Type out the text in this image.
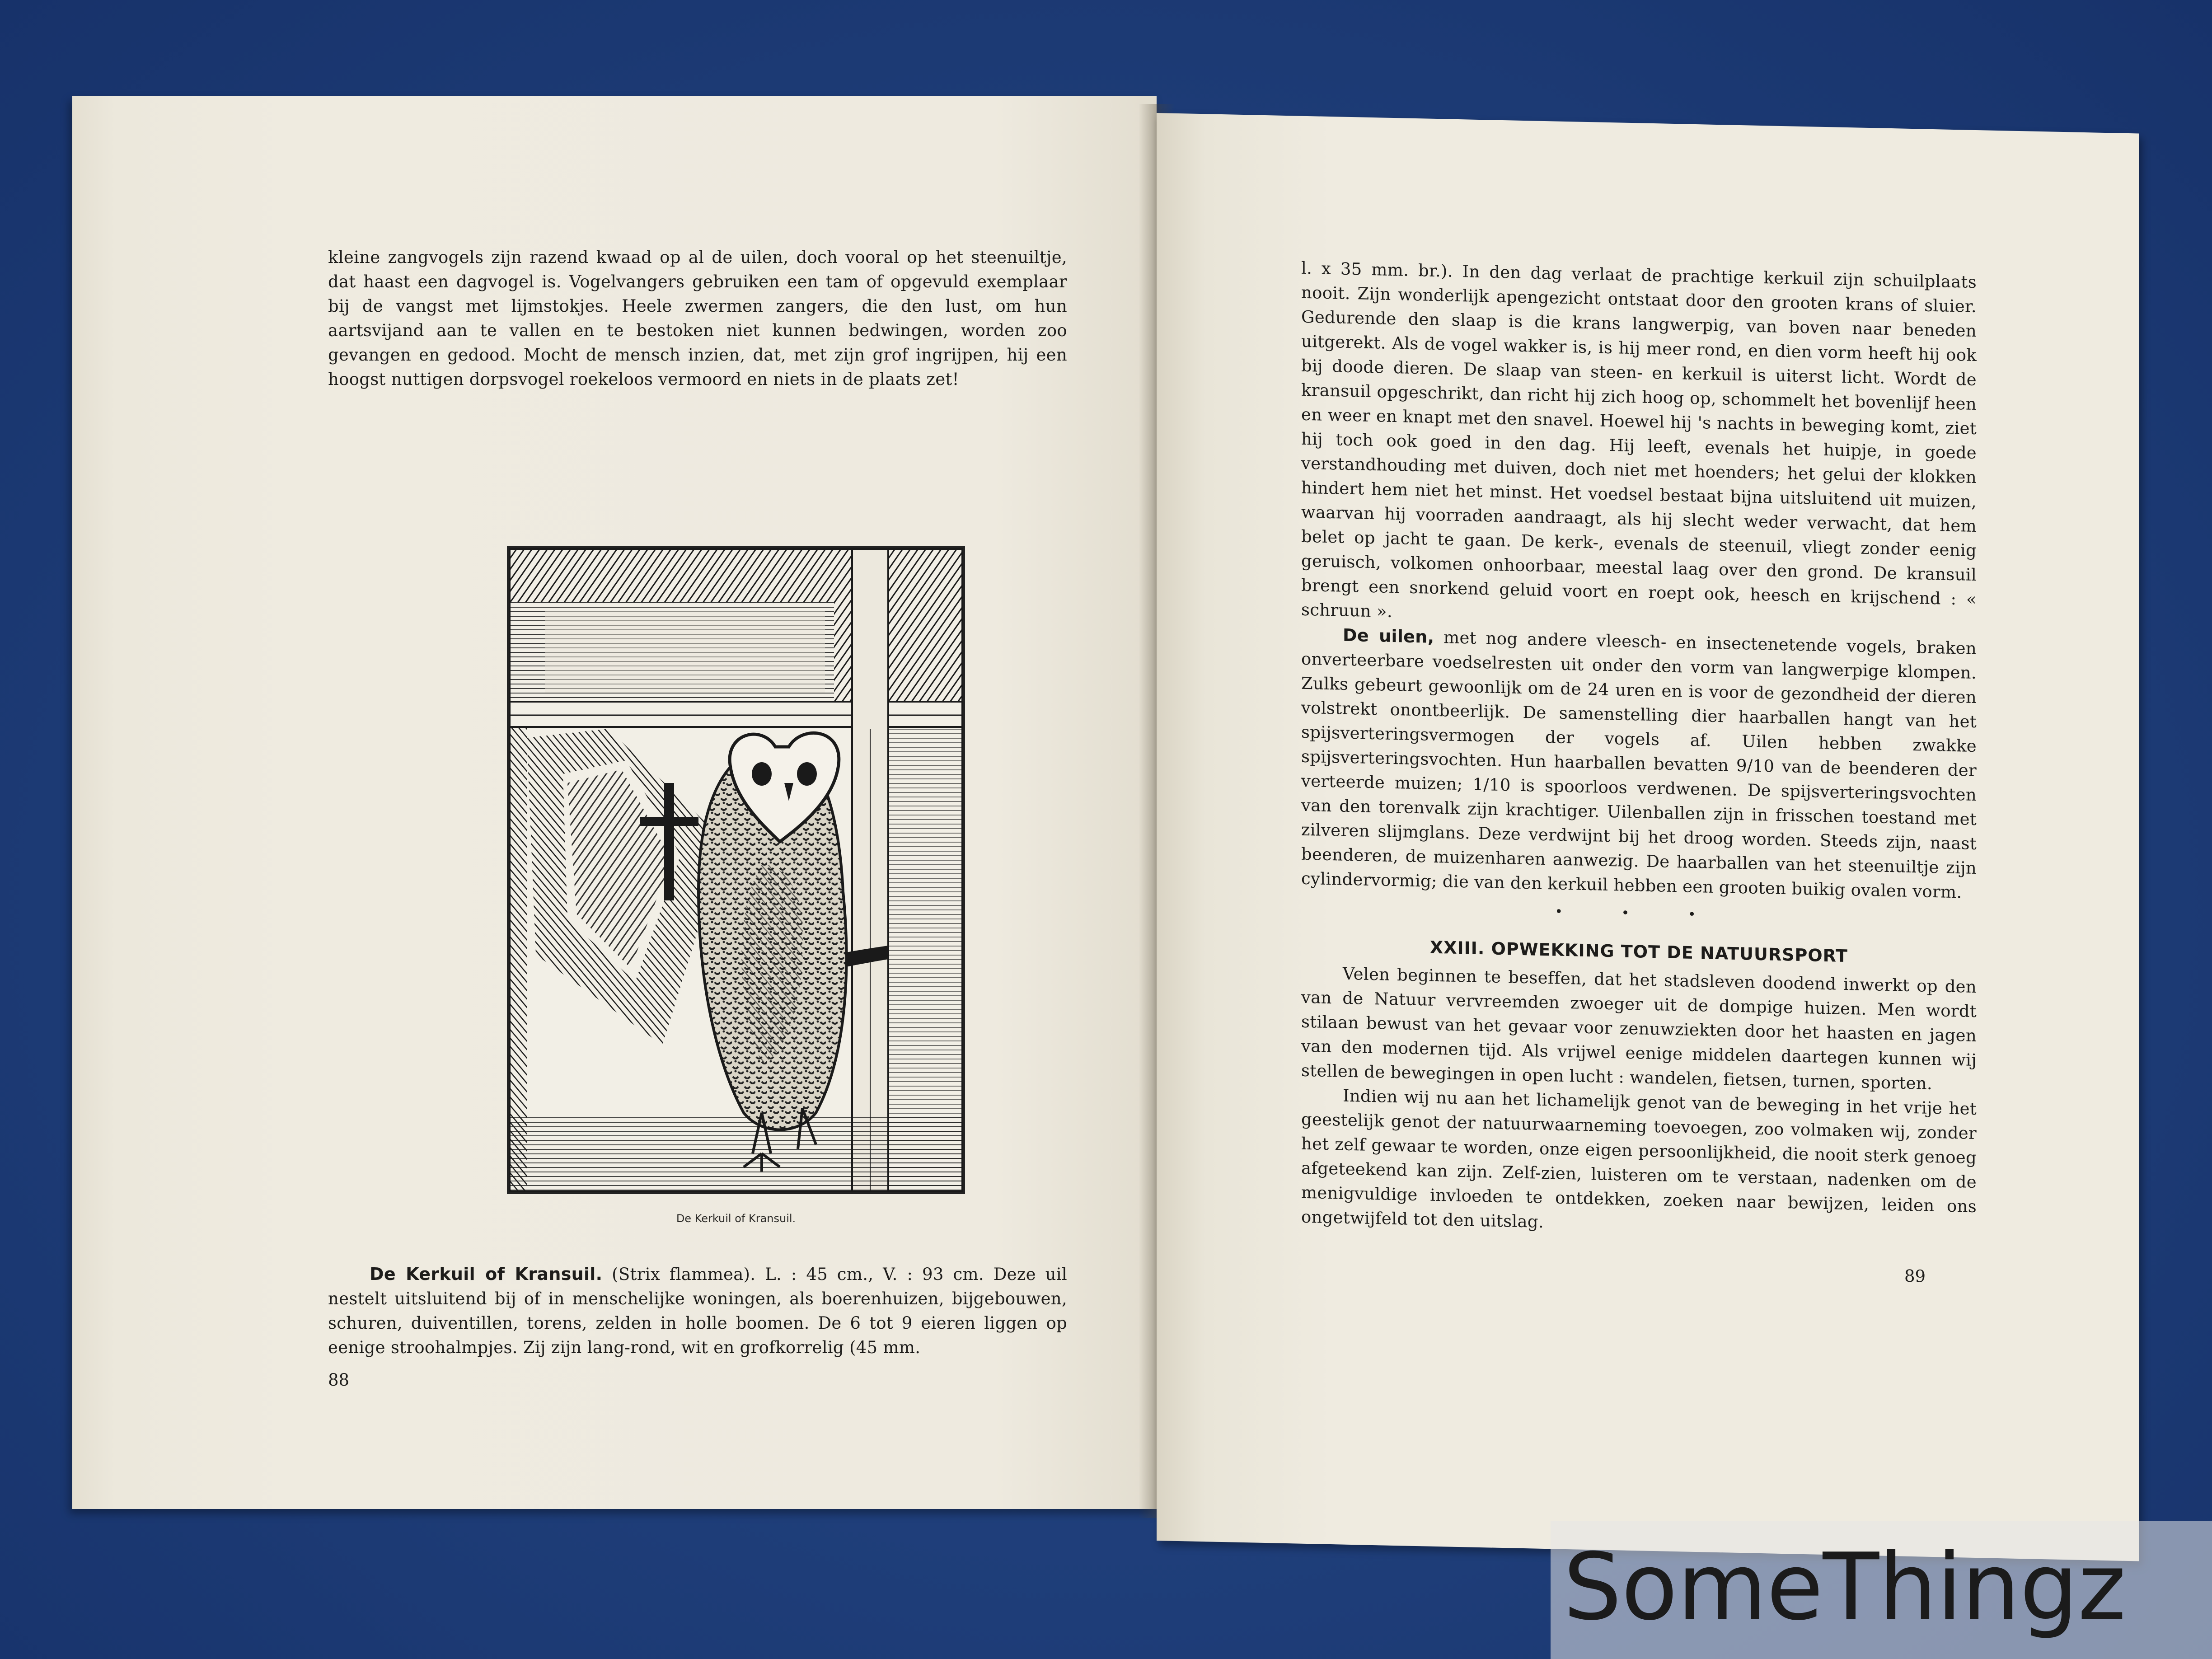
kleine zangvogels zijn razend kwaad op al de uilen, doch vooral op het steenuiltje, dat haast een dagvogel is. Vogelvangers gebruiken een tam of opgevuld exemplaar bij de vangst met lijmstokjes. Heele zwermen zangers, die den lust, om hun aartsvijand aan te vallen en te bestoken niet kunnen bedwingen, worden zoo gevangen en gedood. Mocht de mensch inzien, dat, met zijn grof ingrijpen, hij een hoogst nuttigen dorpsvogel roekeloos vermoord en niets in de plaats zet!

De Kerkuil of Kransuil.

De Kerkuil of Kransuil. (Strix flammea). L. : 45 cm., V. : 93 cm. Deze uil nestelt uitsluitend bij of in menschelijke woningen, als boerenhuizen, bijgebouwen, schuren, duiventillen, torens, zelden in holle boomen. De 6 tot 9 eieren liggen op eenige stroohalmpjes. Zij zijn lang-rond, wit en grofkorrelig (45 mm.

88

l. x 35 mm. br.). In den dag verlaat de prachtige kerkuil zijn schuilplaats nooit. Zijn wonderlijk apengezicht ontstaat door den grooten krans of sluier. Gedurende den slaap is die krans langwerpig, van boven naar beneden uitgerekt. Als de vogel wakker is, is hij meer rond, en dien vorm heeft hij ook bij doode dieren. De slaap van steen- en kerkuil is uiterst licht. Wordt de kransuil opgeschrikt, dan richt hij zich hoog op, schommelt het bovenlijf heen en weer en knapt met den snavel. Hoewel hij 's nachts in beweging komt, ziet hij toch ook goed in den dag. Hij leeft, evenals het huipje, in goede verstandhouding met duiven, doch niet met hoenders; het gelui der klokken hindert hem niet het minst. Het voedsel bestaat bijna uitsluitend uit muizen, waarvan hij voorraden aandraagt, als hij slecht weder verwacht, dat hem belet op jacht te gaan. De kerk-, evenals de steenuil, vliegt zonder eenig geruisch, volkomen onhoorbaar, meestal laag over den grond. De kransuil brengt een snorkend geluid voort en roept ook, heesch en krijschend : « schruun ».

De uilen, met nog andere vleesch- en insectenetende vogels, braken onverteerbare voedselresten uit onder den vorm van langwerpige klompen. Zulks gebeurt gewoonlijk om de 24 uren en is voor de gezondheid der dieren volstrekt onontbeerlijk. De samenstelling dier haarballen hangt van het spijsverteringsvermogen der vogels af. Uilen hebben zwakke spijsverteringsvochten. Hun haarballen bevatten 9/10 van de beenderen der verteerde muizen; 1/10 is spoorloos verdwenen. De spijsverteringsvochten van den torenvalk zijn krachtiger. Uilenballen zijn in frisschen toestand met zilveren slijmglans. Deze verdwijnt bij het droog worden. Steeds zijn, naast beenderen, de muizenharen aanwezig. De haarballen van het steenuiltje zijn cylindervormig; die van den kerkuil hebben een grooten buikig ovalen vorm.

• • •
XXIII. OPWEKKING TOT DE NATUURSPORT

Velen beginnen te beseffen, dat het stadsleven doodend inwerkt op den van de Natuur vervreemden zwoeger uit de dompige huizen. Men wordt stilaan bewust van het gevaar voor zenuwziekten door het haasten en jagen van den modernen tijd. Als vrijwel eenige middelen daartegen kunnen wij stellen de bewegingen in open lucht : wandelen, fietsen, turnen, sporten.

Indien wij nu aan het lichamelijk genot van de beweging in het vrije het geestelijk genot der natuurwaarneming toevoegen, zoo volmaken wij, zonder het zelf gewaar te worden, onze eigen persoonlijkheid, die nooit sterk genoeg afgeteekend kan zijn. Zelf-zien, luisteren om te verstaan, nadenken om de menigvuldige invloeden te ontdekken, zoeken naar bewijzen, leiden ons ongetwijfeld tot den uitslag.

89
SomeThingz
